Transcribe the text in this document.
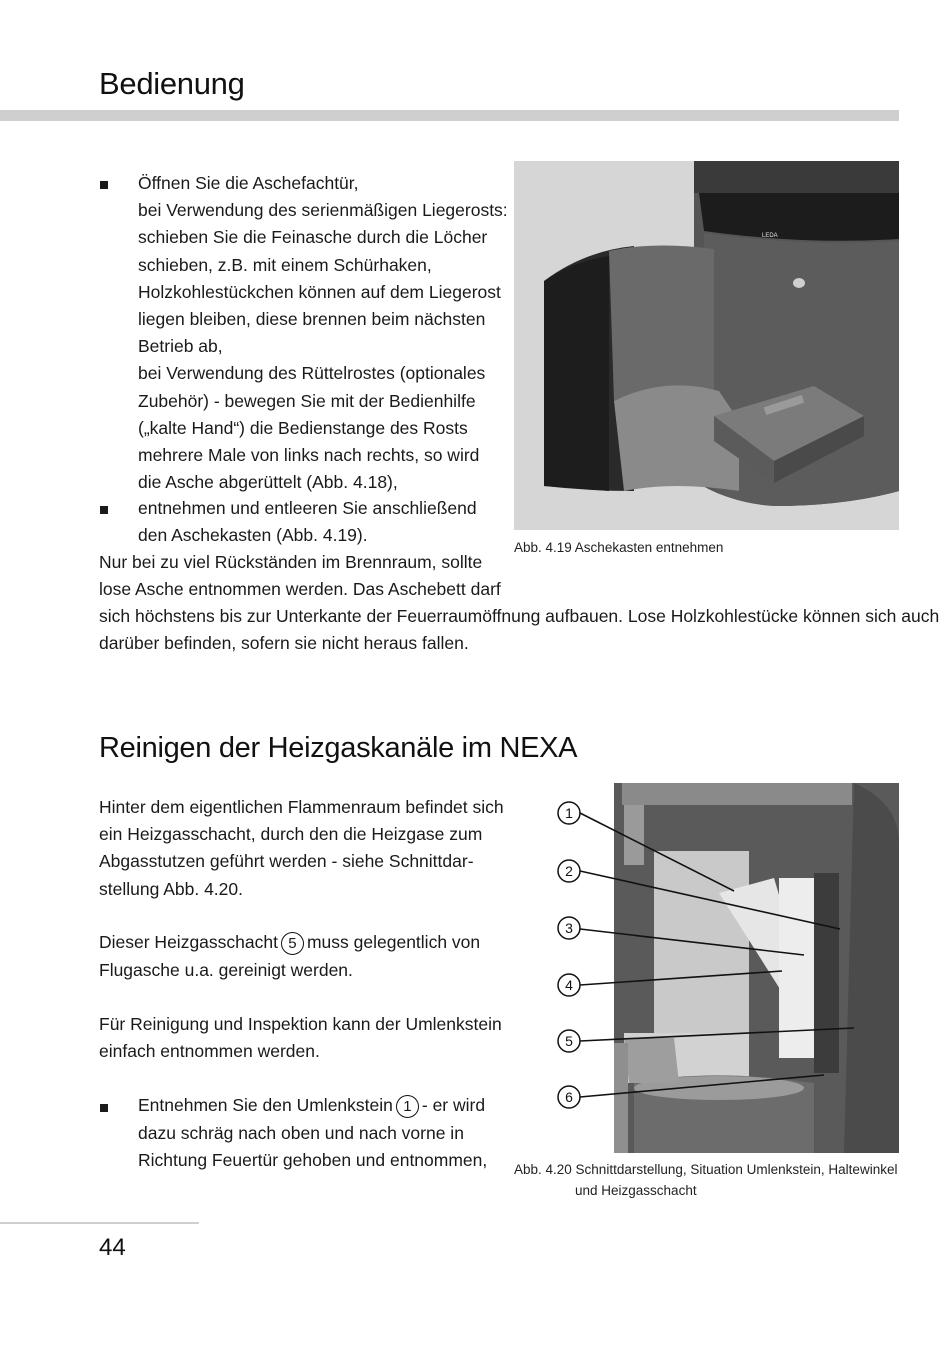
Bedienung
Öffnen Sie die Aschefachtür,
bei Verwendung des serienmäßigen Liegerosts:
schieben Sie die Feinasche durch die Löcher
schieben, z.B. mit einem Schürhaken,
Holzkohlestückchen können auf dem Liegerost
liegen bleiben, diese brennen beim nächsten
Betrieb ab,
bei Verwendung des Rüttelrostes (optionales
Zubehör) - bewegen Sie mit der Bedienhilfe
(„kalte Hand“) die Bedienstange des Rosts
mehrere Male von links nach rechts, so wird
die Asche abgerüttelt (Abb. 4.18),
entnehmen und entleeren Sie anschließend
den Aschekasten (Abb. 4.19).
Nur bei zu viel Rückständen im Brennraum, sollte
lose Asche entnommen werden. Das Aschebett darf
sich höchstens bis zur Unterkante der Feuerraumöffnung aufbauen. Lose Holzkohlestücke können sich auch
darüber befinden, sofern sie nicht heraus fallen.
LEDA
Abb. 4.19 Aschekasten entnehmen
Reinigen der Heizgaskanäle im NEXA
Hinter dem eigentlichen Flammenraum befindet sich
ein Heizgasschacht, durch den die Heizgase zum
Abgasstutzen geführt werden - siehe Schnittdar-
stellung Abb. 4.20.
Dieser Heizgasschacht 5 muss gelegentlich von
Flugasche u.a. gereinigt werden.
Für Reinigung und Inspektion kann der Umlenkstein
einfach entnommen werden.
Entnehmen Sie den Umlenkstein 1 - er wird
dazu schräg nach oben und nach vorne in
Richtung Feuertür gehoben und entnommen,
1
2
3
4
5
6
Abb. 4.20 Schnittdarstellung, Situation Umlenkstein, Haltewinkel
und Heizgasschacht
44
